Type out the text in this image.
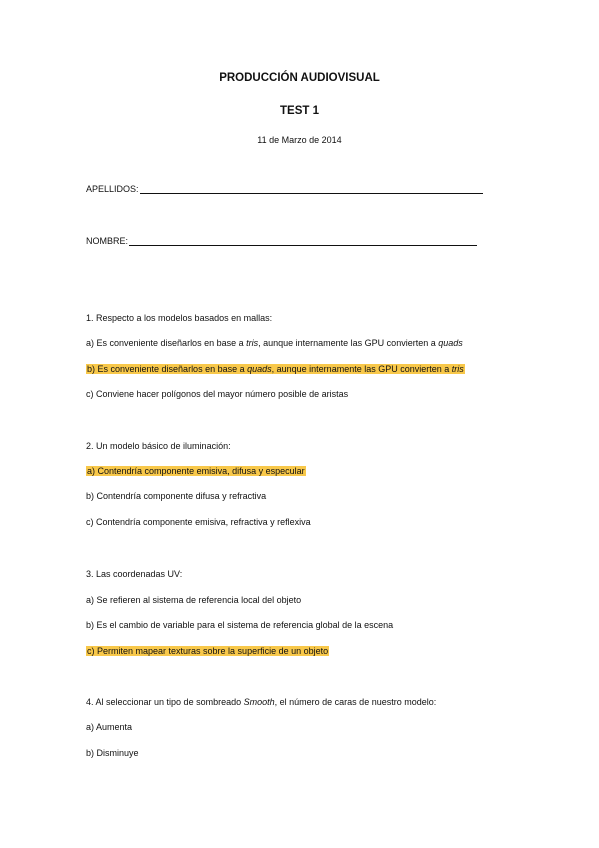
PRODUCCIÓN AUDIOVISUAL
TEST 1
11 de Marzo de 2014
APELLIDOS:
NOMBRE:
1. Respecto a los modelos basados en mallas:
a) Es conveniente diseñarlos en base a tris, aunque internamente las GPU convierten a quads
b) Es conveniente diseñarlos en base a quads, aunque internamente las GPU convierten a tris
c) Conviene hacer polígonos del mayor número posible de aristas
2. Un modelo básico de iluminación:
a) Contendría componente emisiva, difusa y especular
b) Contendría componente difusa y refractiva
c) Contendría componente emisiva, refractiva y reflexiva
3. Las coordenadas UV:
a) Se refieren al sistema de referencia local del objeto
b) Es el cambio de variable para el sistema de referencia global de la escena
c) Permiten mapear texturas sobre la superficie de un objeto
4. Al seleccionar un tipo de sombreado Smooth, el número de caras de nuestro modelo:
a) Aumenta
b) Disminuye
